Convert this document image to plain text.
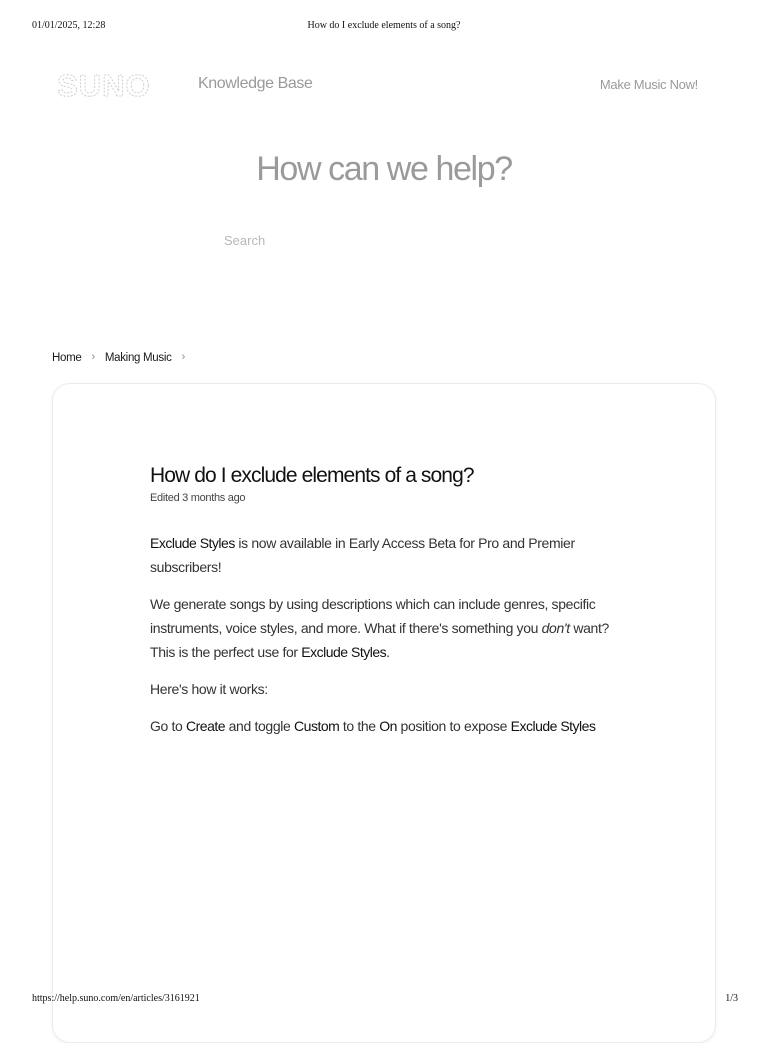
01/01/2025, 12:28	How do I exclude elements of a song?
SUNO	Knowledge Base	Make Music Now!
How can we help?
Search
Home › Making Music ›
How do I exclude elements of a song?
Edited 3 months ago

Exclude Styles is now available in Early Access Beta for Pro and Premier subscribers!

We generate songs by using descriptions which can include genres, specific instruments, voice styles, and more. What if there's something you don't want? This is the perfect use for Exclude Styles.

Here's how it works:

Go to Create and toggle Custom to the On position to expose Exclude Styles

https://help.suno.com/en/articles/3161921	1/3
